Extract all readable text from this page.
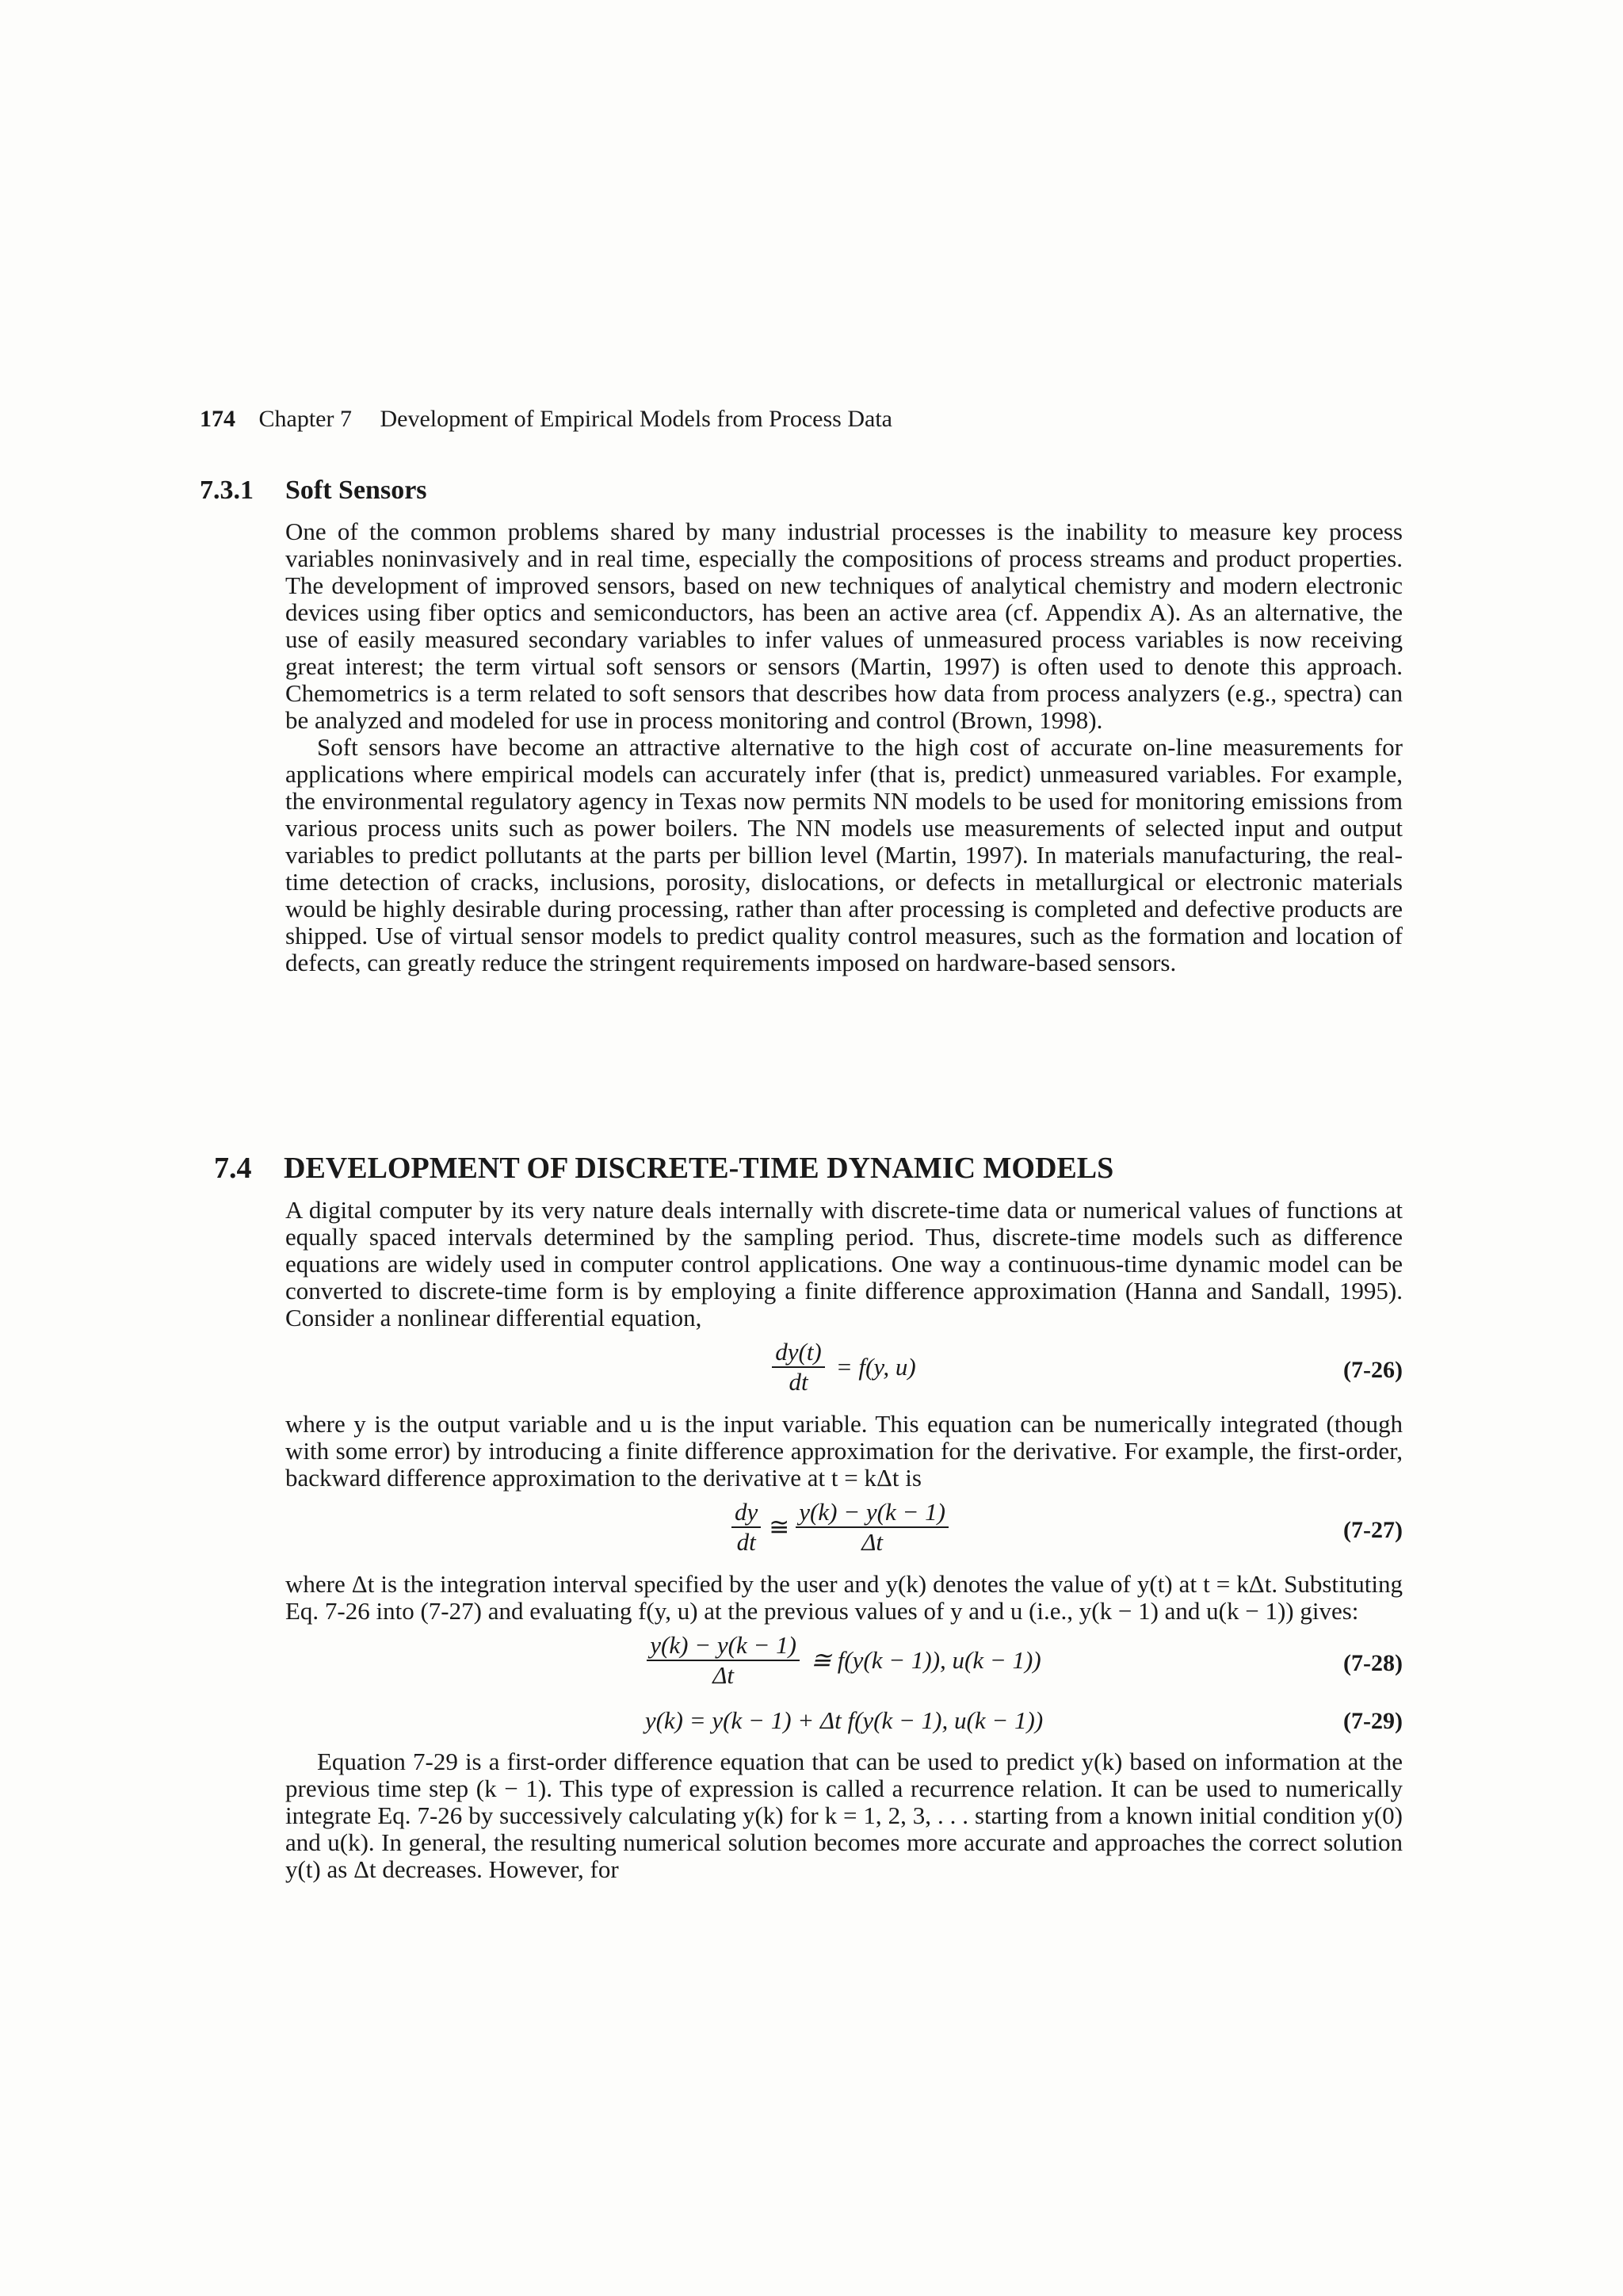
174 Chapter 7 Development of Empirical Models from Process Data
7.3.1 Soft Sensors

One of the common problems shared by many industrial processes is the inability to measure key process variables noninvasively and in real time, especially the compositions of process streams and product properties. The development of improved sensors, based on new techniques of analytical chemistry and modern electronic devices using fiber optics and semiconductors, has been an active area (cf. Appendix A). As an alternative, the use of easily measured secondary variables to infer values of unmeasured process variables is now receiving great interest; the term virtual soft sensors or sensors (Martin, 1997) is often used to denote this approach. Chemometrics is a term related to soft sensors that describes how data from process analyzers (e.g., spectra) can be analyzed and modeled for use in process monitoring and control (Brown, 1998).

Soft sensors have become an attractive alternative to the high cost of accurate on-line measurements for applications where empirical models can accurately infer (that is, predict) unmeasured variables. For example, the environmental regulatory agency in Texas now permits NN models to be used for monitoring emissions from various process units such as power boilers. The NN models use measurements of selected input and output variables to predict pollutants at the parts per billion level (Martin, 1997). In materials manufacturing, the real-time detection of cracks, inclusions, porosity, dislocations, or defects in metallurgical or electronic materials would be highly desirable during processing, rather than after processing is completed and defective products are shipped. Use of virtual sensor models to predict quality control measures, such as the formation and location of defects, can greatly reduce the stringent requirements imposed on hardware-based sensors.

7.4 DEVELOPMENT OF DISCRETE-TIME DYNAMIC MODELS

A digital computer by its very nature deals internally with discrete-time data or numerical values of functions at equally spaced intervals determined by the sampling period. Thus, discrete-time models such as difference equations are widely used in computer control applications. One way a continuous-time dynamic model can be converted to discrete-time form is by employing a finite difference approximation (Hanna and Sandall, 1995). Consider a nonlinear differential equation,

$\frac{dy(t)}{dt} = f(y$, u)	(7-26)

where y is the output variable and u is the input variable. This equation can be numerically integrated (though with some error) by introducing a finite difference approximation for the derivative. For example, the first-order, backward difference approximation to the derivative at t = kΔt is

$\frac{dy}{dt}$ ≅ $\frac{y(k) - y(k - 1)}{\Delta t}$	(7-27)

where Δt is the integration interval specified by the user and y(k) denotes the value of y(t) at t = kΔt. Substituting Eq. 7-26 into (7-27) and evaluating f(y, u) at the previous values of y and u (i.e., y(k − 1) and u(k − 1)) gives:

$\frac{y(k) - y(k - 1)}{\Delta t}$ ≅ f(y(k − 1)), u(k − 1))	(7-28)
y(k) = y(k − 1) + Δt f(y(k − 1), u(k − 1))	(7-29)

Equation 7-29 is a first-order difference equation that can be used to predict y(k) based on information at the previous time step (k − 1). This type of expression is called a recurrence relation. It can be used to numerically integrate Eq. 7-26 by successively calculating y(k) for k = 1, 2, 3, . . . starting from a known initial condition y(0) and u(k). In general, the resulting numerical solution becomes more accurate and approaches the correct solution y(t) as Δt decreases. However, for
